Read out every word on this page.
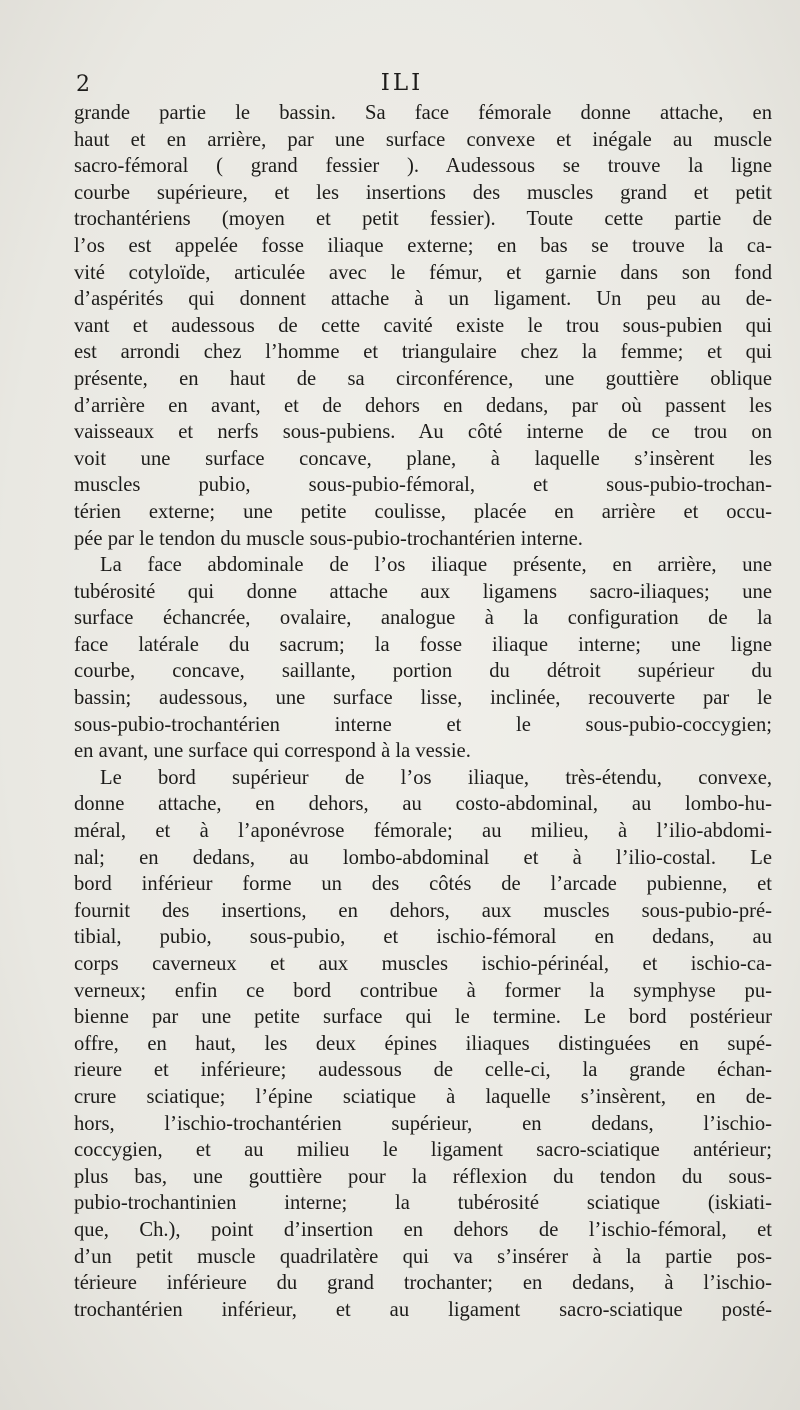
2	ILI
grande partie le bassin. Sa face fémorale donne attache, en
haut et en arrière, par une surface convexe et inégale au muscle
sacro-fémoral ( grand fessier ). Audessous se trouve la ligne
courbe supérieure, et les insertions des muscles grand et petit
trochantériens (moyen et petit fessier). Toute cette partie de
l’os est appelée fosse iliaque externe; en bas se trouve la ca-
vité cotyloïde, articulée avec le fémur, et garnie dans son fond
d’aspérités qui donnent attache à un ligament. Un peu au de-
vant et audessous de cette cavité existe le trou sous-pubien qui
est arrondi chez l’homme et triangulaire chez la femme; et qui
présente, en haut de sa circonférence, une gouttière oblique
d’arrière en avant, et de dehors en dedans, par où passent les
vaisseaux et nerfs sous-pubiens. Au côté interne de ce trou on
voit une surface concave, plane, à laquelle s’insèrent les
muscles pubio, sous-pubio-fémoral, et sous-pubio-trochan-
térien externe; une petite coulisse, placée en arrière et occu-
pée par le tendon du muscle sous-pubio-trochantérien interne.
La face abdominale de l’os iliaque présente, en arrière, une
tubérosité qui donne attache aux ligamens sacro-iliaques; une
surface échancrée, ovalaire, analogue à la configuration de la
face latérale du sacrum; la fosse iliaque interne; une ligne
courbe, concave, saillante, portion du détroit supérieur du
bassin; audessous, une surface lisse, inclinée, recouverte par le
sous-pubio-trochantérien interne et le sous-pubio-coccygien;
en avant, une surface qui correspond à la vessie.
Le bord supérieur de l’os iliaque, très-étendu, convexe,
donne attache, en dehors, au costo-abdominal, au lombo-hu-
méral, et à l’aponévrose fémorale; au milieu, à l’ilio-abdomi-
nal; en dedans, au lombo-abdominal et à l’ilio-costal. Le
bord inférieur forme un des côtés de l’arcade pubienne, et
fournit des insertions, en dehors, aux muscles sous-pubio-pré-
tibial, pubio, sous-pubio, et ischio-fémoral en dedans, au
corps caverneux et aux muscles ischio-périnéal, et ischio-ca-
verneux; enfin ce bord contribue à former la symphyse pu-
bienne par une petite surface qui le termine. Le bord postérieur
offre, en haut, les deux épines iliaques distinguées en supé-
rieure et inférieure; audessous de celle-ci, la grande échan-
crure sciatique; l’épine sciatique à laquelle s’insèrent, en de-
hors, l’ischio-trochantérien supérieur, en dedans, l’ischio-
coccygien, et au milieu le ligament sacro-sciatique antérieur;
plus bas, une gouttière pour la réflexion du tendon du sous-
pubio-trochantinien interne; la tubérosité sciatique (iskiati-
que, Ch.), point d’insertion en dehors de l’ischio-fémoral, et
d’un petit muscle quadrilatère qui va s’insérer à la partie pos-
térieure inférieure du grand trochanter; en dedans, à l’ischio-
trochantérien inférieur, et au ligament sacro-sciatique posté-
